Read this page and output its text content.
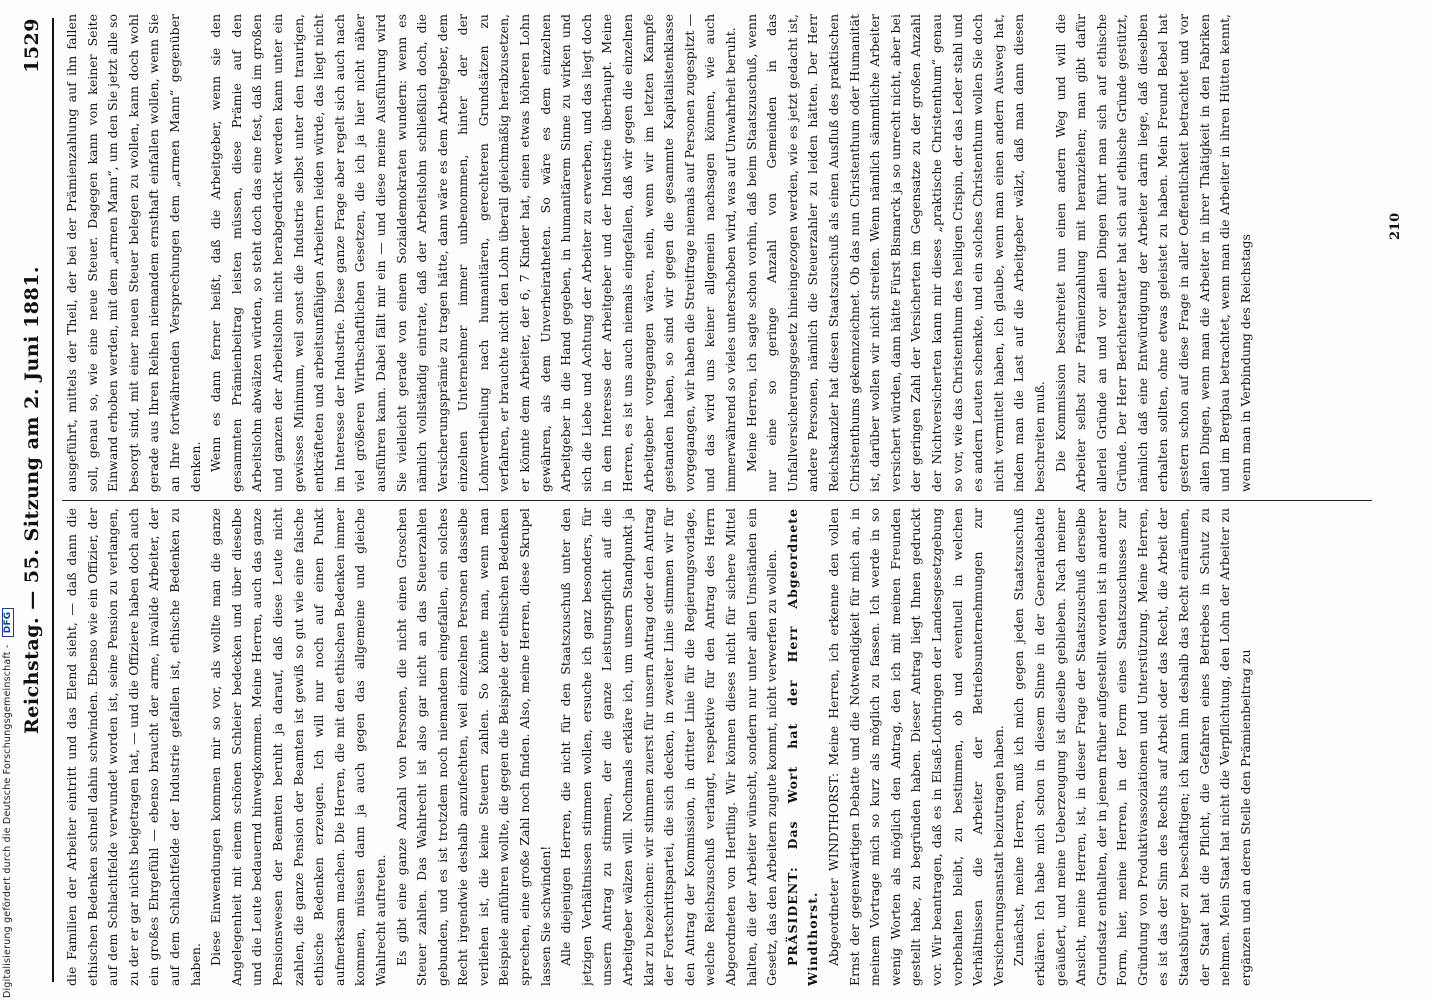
Reichstag. — 55. Sitzung am 2. Juni 1881.
1529

die Familien der Arbeiter eintritt und das Elend sieht, — daß dann die ethischen Bedenken schnell dahin schwinden. Ebenso wie ein Offizier, der auf dem Schlachtfelde verwundet worden ist, seine Pension zu verlangen, zu der er gar nichts beigetragen hat, — und die Offiziere haben doch auch ein großes Ehrgefühl — ebenso braucht der arme, invalide Arbeiter, der auf dem Schlachtfelde der Industrie gefallen ist, ethische Bedenken zu haben. Diese Einwendungen kommen mir so vor, als wollte man die ganze Angelegenheit mit einem schönen Schleier bedecken und über dieselbe und die Leute bedauernd hinwegkommen. Meine Herren, auch das ganze Pensionswesen der Beamten beruht ja darauf, daß diese Leute nicht zahlen, die ganze Pension der Beamten ist gewiß so gut wie eine falsche ethische Bedenken erzeugen. Ich will nur noch auf einen Punkt aufmerksam machen. Die Herren, die mit den ethischen Bedenken immer kommen, müssen dann ja auch gegen das allgemeine und gleiche Wahlrecht auftreten. Es gibt eine ganze Anzahl von Personen, die nicht einen Groschen Steuer zahlen. Das Wahlrecht ist also gar nicht an das Steuerzahlen gebunden, und es ist trotzdem noch niemandem eingefallen, ein solches Recht irgendwie deshalb anzufechten, weil einzelnen Personen dasselbe verliehen ist, die keine Steuern zahlen. So könnte man, wenn man Beispiele anführen wollte, die gegen die Beispiele der ethischen Bedenken sprechen, eine große Zahl noch finden. Also, meine Herren, diese Skrupel lassen Sie schwinden! Alle diejenigen Herren, die nicht für den Staatszuschuß unter den jetzigen Verhältnissen stimmen wollen, ersuche ich ganz besonders, für unsern Antrag zu stimmen, der die ganze Leistungspflicht auf die Arbeitgeber wälzen will. Nochmals erkläre ich, um unsern Standpunkt ja klar zu bezeichnen: wir stimmen zuerst für unsern Antrag oder den Antrag der Fortschrittspartei, die sich decken, in zweiter Linie stimmen wir für den Antrag der Kommission, in dritter Linie für die Regierungsvorlage, welche Reichszuschuß verlangt, respektive für den Antrag des Herrn Abgeordneten von Hertling. Wir können dieses nicht für sichere Mittel halten, die der Arbeiter wünscht, sondern nur unter allen Umständen ein Gesetz, das den Arbeitern zugute kommt, nicht verwerfen zu wollen. PRÄSIDENT: Das Wort hat der Herr Abgeordnete Windthorst. Abgeordneter WINDTHORST: Meine Herren, ich erkenne den vollen Ernst der gegenwärtigen Debatte und die Notwendigkeit für mich an, in meinem Vortrage mich so kurz als möglich zu fassen. Ich werde in so wenig Worten als möglich den Antrag, den ich mit meinen Freunden gestellt habe, zu begründen haben. Dieser Antrag liegt Ihnen gedruckt vor. Wir beantragen, daß es in Elsaß-Lothringen der Landesgesetzgebung vorbehalten bleibt, zu bestimmen, ob und eventuell in welchen Verhältnissen die Arbeiter der Betriebsunternehmungen zur Versicherungsanstalt beizutragen haben. Zunächst, meine Herren, muß ich mich gegen jeden Staatszuschuß erklären. Ich habe mich schon in diesem Sinne in der Generaldebatte geäußert, und meine Ueberzeugung ist dieselbe geblieben. Nach meiner Ansicht, meine Herren, ist, in dieser Frage der Staatszuschuß derselbe Grundsatz enthalten, der in jenem früher aufgestellt worden ist in anderer Form, hier, meine Herren, in der Form eines Staatszuschusses zur Gründung von Produktivassoziationen und Unterstützung. Meine Herren, es ist das der Sinn des Rechts auf Arbeit oder das Recht, die Arbeit der Staatsbürger zu beschäftigen; ich kann ihn deshalb das Recht einräumen, der Staat hat die Pflicht, die Gefahren eines Betriebes in Schutz zu nehmen. Mein Staat hat nicht die Verpflichtung, den Lohn der Arbeiter zu ergänzen und an deren Stelle den Prämienbeitrag zu

ausgeführt, mittels der Theil, der bei der Prämienzahlung auf ihn fallen soll, genau so, wie eine neue Steuer. Dagegen kann von keiner Seite Einwand erhoben werden, mit dem „armen Mann“, um den Sie jetzt alle so besorgt sind, mit einer neuen Steuer belegen zu wollen, kann doch wohl gerade aus Ihren Reihen niemandem ernsthaft einfallen wollen, wenn Sie an Ihre fortwährenden Versprechungen dem „armen Mann“ gegenüber denken. Wenn es dann ferner heißt, daß die Arbeitgeber, wenn sie den gesammten Prämienbeitrag leisten müssen, diese Prämie auf den Arbeitslohn abwälzen würden, so steht doch das eine fest, daß im großen und ganzen der Arbeitslohn nicht herabgedrückt werden kann unter ein gewisses Minimum, weil sonst die Industrie selbst unter den traurigen, entkräfteten und arbeitsunfähigen Arbeitern leiden würde, das liegt nicht im Interesse der Industrie. Diese ganze Frage aber regelt sich auch nach viel größeren Wirthschaftlichen Gesetzen, die ich ja hier nicht näher ausführen kann. Dabei fällt mir ein — und diese meine Ausführung wird Sie vielleicht gerade von einem Sozialdemokraten wundern: wenn es nämlich vollständig eintrate, daß der Arbeitslohn schließlich doch, die Versicherungsprämie zu tragen hätte, dann wäre es dem Arbeitgeber, dem einzelnen Unternehmer immer unbenommen, hinter der der Lohnvertheilung nach humanitären, gerechteren Grundsätzen zu verfahren, er brauchte nicht den Lohn überall gleichmäßig herabzusetzen, er könnte dem Arbeiter, der 6, 7 Kinder hat, einen etwas höheren Lohn gewähren, als dem Unverheiratheten. So wäre es dem einzelnen Arbeitgeber in die Hand gegeben, in humanitärem Sinne zu wirken und sich die Liebe und Achtung der Arbeiter zu erwerben, und das liegt doch in dem Interesse der Arbeitgeber und der Industrie überhaupt. Meine Herren, es ist uns auch niemals eingefallen, daß wir gegen die einzelnen Arbeitgeber vorgegangen wären, nein, wenn wir im letzten Kampfe gestanden haben, so sind wir gegen die gesammte Kapitalistenklasse vorgegangen, wir haben die Streitfrage niemals auf Personen zugespitzt — und das wird uns keiner allgemein nachsagen können, wie auch immerwährend so vieles unterschoben wird, was auf Unwahrheit beruht. Meine Herren, ich sagte schon vorhin, daß beim Staatszuschuß, wenn nur eine so geringe Anzahl von Gemeinden in das Unfallversicherungsgesetz hineingezogen werden, wie es jetzt gedacht ist, andere Personen, nämlich die Steuerzahler zu leiden hätten. Der Herr Reichskanzler hat diesen Staatszuschuß als einen Ausfluß des praktischen Christenthums gekennzeichnet. Ob das nun Christenthum oder Humanität ist, darüber wollen wir nicht streiten. Wenn nämlich sämmtliche Arbeiter versichert würden, dann hätte Fürst Bismarck ja so unrecht nicht, aber bei der geringen Zahl der Versicherten im Gegensatze zu der großen Anzahl der Nichtversicherten kann mir dieses „praktische Christenthum“ genau so vor, wie das Christenthum des heiligen Crispin, der das Leder stahl und es andern Leuten schenkte, und ein solches Christenthum wollen Sie doch nicht vermittelt haben, ich glaube, wenn man einen andern Ausweg hat, indem man die Last auf die Arbeitgeber wälzt, daß man dann diesen beschreiten muß. Die Kommission beschreitet nun einen andern Weg und will die Arbeiter selbst zur Prämienzahlung mit heranziehen; man gibt dafür allerlei Gründe an und vor allen Dingen führt man sich auf ethische Gründe. Der Herr Berichterstatter hat sich auf ethische Gründe gestützt, nämlich daß eine Entwürdigung der Arbeiter darin liege, daß dieselben erhalten sollten, ohne etwas geleistet zu haben. Mein Freund Bebel hat gestern schon auf diese Frage in aller Oeffentlichkeit betrachtet und vor allen Dingen, wenn man die Arbeiter in ihrer Thätigkeit in den Fabriken und im Bergbau betrachtet, wenn man die Arbeiter in ihren Hütten kennt, wenn man in Verbindung des Reichstags

210
Digitalisierung gefördert durch die Deutsche Forschungsgemeinschaft - DFG
